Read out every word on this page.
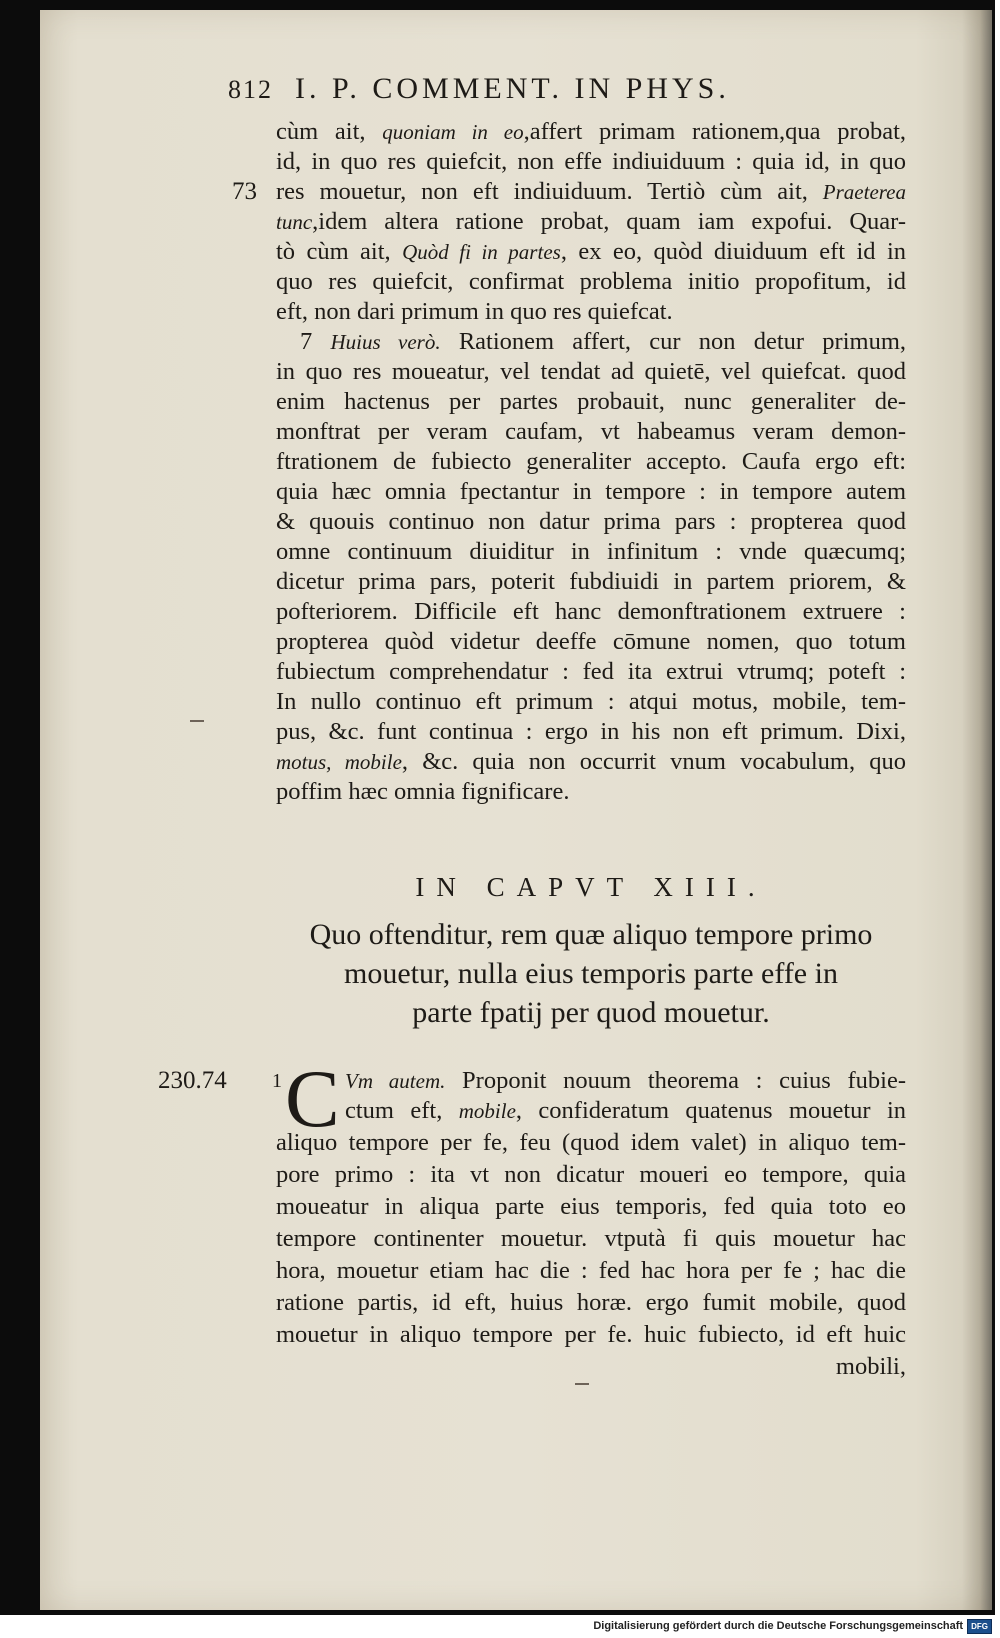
812 I. P. COMMENT. IN PHYS.
cùm ait, quoniam in eo,affert primam rationem,qua probat,
id, in quo res quiefcit, non effe indiuiduum : quia id, in quo
73 res mouetur, non eft indiuiduum. Tertiò cùm ait, Praeterea
tunc,idem altera ratione probat, quam iam expofui. Quar-
tò cùm ait, Quòd fi in partes, ex eo, quòd diuiduum eft id in
quo res quiefcit, confirmat problema initio propofitum, id
eft, non dari primum in quo res quiefcat.
7 Huius verò. Rationem affert, cur non detur primum,
in quo res moueatur, vel tendat ad quietē, vel quiefcat. quod
enim hactenus per partes probauit, nunc generaliter de-
monftrat per veram caufam, vt habeamus veram demon-
ftrationem de fubiecto generaliter accepto. Caufa ergo eft:
quia hæc omnia fpectantur in tempore : in tempore autem
& quouis continuo non datur prima pars : propterea quod
omne continuum diuiditur in infinitum : vnde quæcumq;
dicetur prima pars, poterit fubdiuidi in partem priorem, &
pofteriorem. Difficile eft hanc demonftrationem extruere :
propterea quòd videtur deeffe cōmune nomen, quo totum
fubiectum comprehendatur : fed ita extrui vtrumq; poteft :
In nullo continuo eft primum : atqui motus, mobile, tem-
pus, &c. funt continua : ergo in his non eft primum. Dixi,
motus, mobile, &c. quia non occurrit vnum vocabulum, quo
poffim hæc omnia fignificare.
IN CAPVT XIII.
Quo oftenditur, rem quæ aliquo tempore primo
mouetur, nulla eius temporis parte effe in
parte fpatij per quod mouetur.
230.74 1 C Vm autem. Proponit nouum theorema : cuius fubie-
ctum eft, mobile, confideratum quatenus mouetur in
aliquo tempore per fe, feu (quod idem valet) in aliquo tem-
pore primo : ita vt non dicatur moueri eo tempore, quia
moueatur in aliqua parte eius temporis, fed quia toto eo
tempore continenter mouetur. vtputà fi quis mouetur hac
hora, mouetur etiam hac die : fed hac hora per fe ; hac die
ratione partis, id eft, huius horæ. ergo fumit mobile, quod
mouetur in aliquo tempore per fe. huic fubiecto, id eft huic
mobili,
Digitalisierung gefördert durch die Deutsche Forschungsgemeinschaft	DFG
